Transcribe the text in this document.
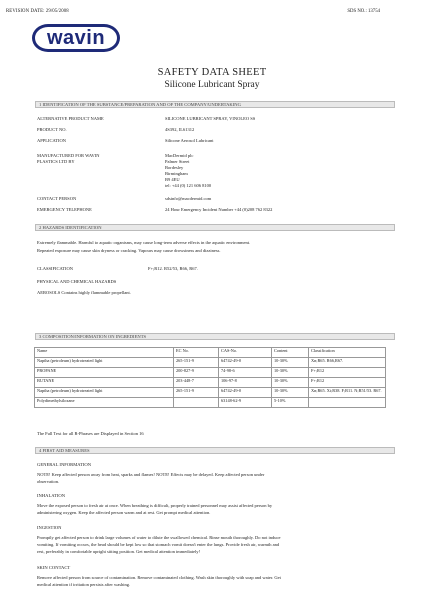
REVISION DATE: 29/05/2008	SDS NO.: 13754
wavin
SAFETY DATA SHEET
Silicone Lubricant Spray
1 IDENTIFICATION OF THE SUBSTANCE/PREPARATION AND OF THE COMPANY/UNDERTAKING
ALTERNATIVE PRODUCT NAME	SILICONE LUBRICANT SPRAY, VINOLEO SS
PRODUCT NO.	4S392, IL61312
APPLICATION	Silicone Aerosol Lubricant
MANUFACTURED FOR WAVIN
PLASTICS LTD BY
MacDermid plc
Palmer Street
Bordesley
Birmingham
B9 4EU
tel: +44 (0) 121 606 8100
CONTACT PERSON	sdsinfo@macdermid.com
EMERGENCY TELEPHONE	24 Hour Emergency Incident Number +44 (0)208 762 8322
2 HAZARDS IDENTIFICATION
Extremely flammable. Harmful to aquatic organisms, may cause long-term adverse effects in the aquatic environment.
Repeated exposure may cause skin dryness or cracking. Vapours may cause drowsiness and dizziness.
CLASSIFICATION	F+;R12. R52/53, R66, R67.
PHYSICAL AND CHEMICAL HAZARDS
AEROSOLS Contains highly flammable propellant.
3 COMPOSITION/INFORMATION ON INGREDIENTS
Name	EC No.	CAS-No.	Content	Classification
Naptha (petroleum) hydrotreated light	265-151-9	64742-49-0	10-30%	Xn;R65. R66,R67.
PROPANE	200-827-9	74-98-6	10-30%	F+;R12
BUTANE	203-448-7	106-97-8	10-30%	F+;R12
Naptha (petroleum) hydrotreated light	265-151-9	64742-49-0	10-30%	Xn;R65. Xi;R38. F;R11. N;R51/53. R67.
Polydimethylsiloxane		63148-62-9	5-10%	
The Full Text for all R-Phrases are Displayed in Section 16
4 FIRST AID MEASURES
GENERAL INFORMATION
NOTE! Keep affected person away from heat, sparks and flames! NOTE! Effects may be delayed. Keep affected person under
observation.
INHALATION
Move the exposed person to fresh air at once. When breathing is difficult, properly trained personnel may assist affected person by
administering oxygen. Keep the affected person warm and at rest. Get prompt medical attention.
INGESTION
Promptly get affected person to drink large volumes of water to dilute the swallowed chemical. Rinse mouth thoroughly. Do not induce
vomiting. If vomiting occurs, the head should be kept low so that stomach vomit doesn't enter the lungs. Provide fresh air, warmth and
rest, preferably in comfortable upright sitting position. Get medical attention immediately!
SKIN CONTACT
Remove affected person from source of contamination. Remove contaminated clothing. Wash skin thoroughly with soap and water. Get
medical attention if irritation persists after washing.
